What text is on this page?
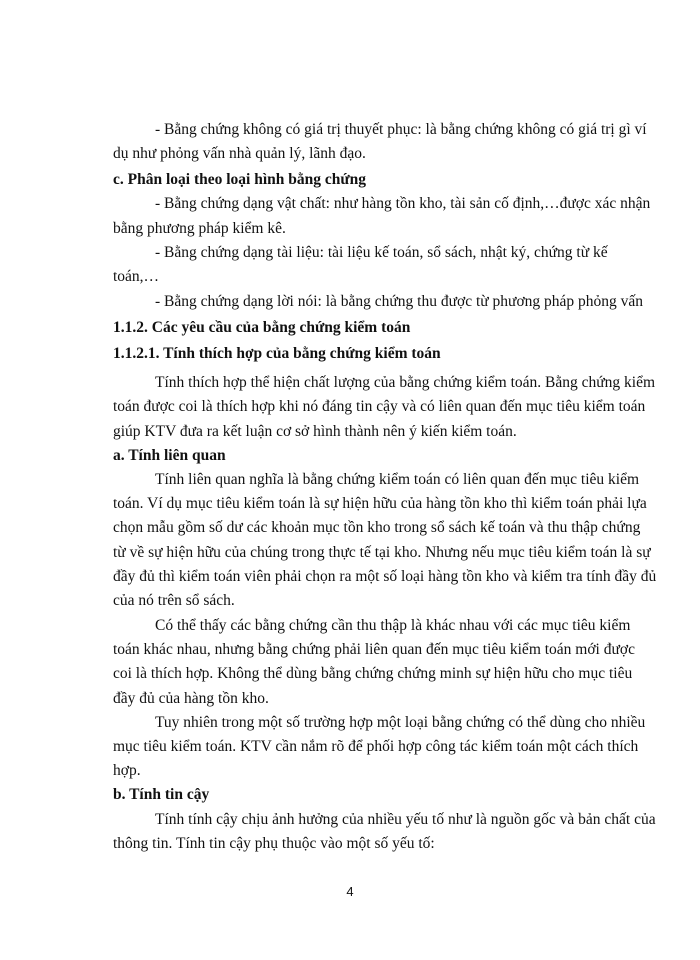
- Bằng chứng không có giá trị thuyết phục: là bằng chứng không có giá trị gì ví
dụ như phỏng vấn nhà quản lý, lãnh đạo.
c. Phân loại theo loại hình bằng chứng
- Bằng chứng dạng vật chất: như hàng tồn kho, tài sản cố định,…được xác nhận
bằng phương pháp kiểm kê.
- Bằng chứng dạng tài liệu: tài liệu kế toán, sổ sách, nhật ký, chứng từ kế
toán,…
- Bằng chứng dạng lời nói: là bằng chứng thu được từ phương pháp phỏng vấn
1.1.2. Các yêu cầu của bằng chứng kiểm toán
1.1.2.1. Tính thích hợp của bằng chứng kiểm toán
Tính thích hợp thể hiện chất lượng của bằng chứng kiểm toán. Bằng chứng kiểm
toán được coi là thích hợp khi nó đáng tin cậy và có liên quan đến mục tiêu kiểm toán
giúp KTV đưa ra kết luận cơ sở hình thành nên ý kiến kiểm toán.
a. Tính liên quan
Tính liên quan nghĩa là bằng chứng kiểm toán có liên quan đến mục tiêu kiểm
toán. Ví dụ mục tiêu kiểm toán là sự hiện hữu của hàng tồn kho thì kiểm toán phải lựa
chọn mẫu gồm số dư các khoản mục tồn kho trong sổ sách kế toán và thu thập chứng
từ về sự hiện hữu của chúng trong thực tế tại kho. Nhưng nếu mục tiêu kiểm toán là sự
đầy đủ thì kiểm toán viên phải chọn ra một số loại hàng tồn kho và kiểm tra tính đầy đủ
của nó trên sổ sách.
Có thể thấy các bằng chứng cần thu thập là khác nhau với các mục tiêu kiểm
toán khác nhau, nhưng bằng chứng phải liên quan đến mục tiêu kiểm toán mới được
coi là thích hợp. Không thể dùng bằng chứng chứng minh sự hiện hữu cho mục tiêu
đầy đủ của hàng tồn kho.
Tuy nhiên trong một số trường hợp một loại bằng chứng có thể dùng cho nhiều
mục tiêu kiểm toán. KTV cần nắm rõ để phối hợp công tác kiểm toán một cách thích
hợp.
b. Tính tin cậy
Tính tính cậy chịu ảnh hưởng của nhiều yếu tố như là nguồn gốc và bản chất của
thông tin. Tính tin cậy phụ thuộc vào một số yếu tố:
4
